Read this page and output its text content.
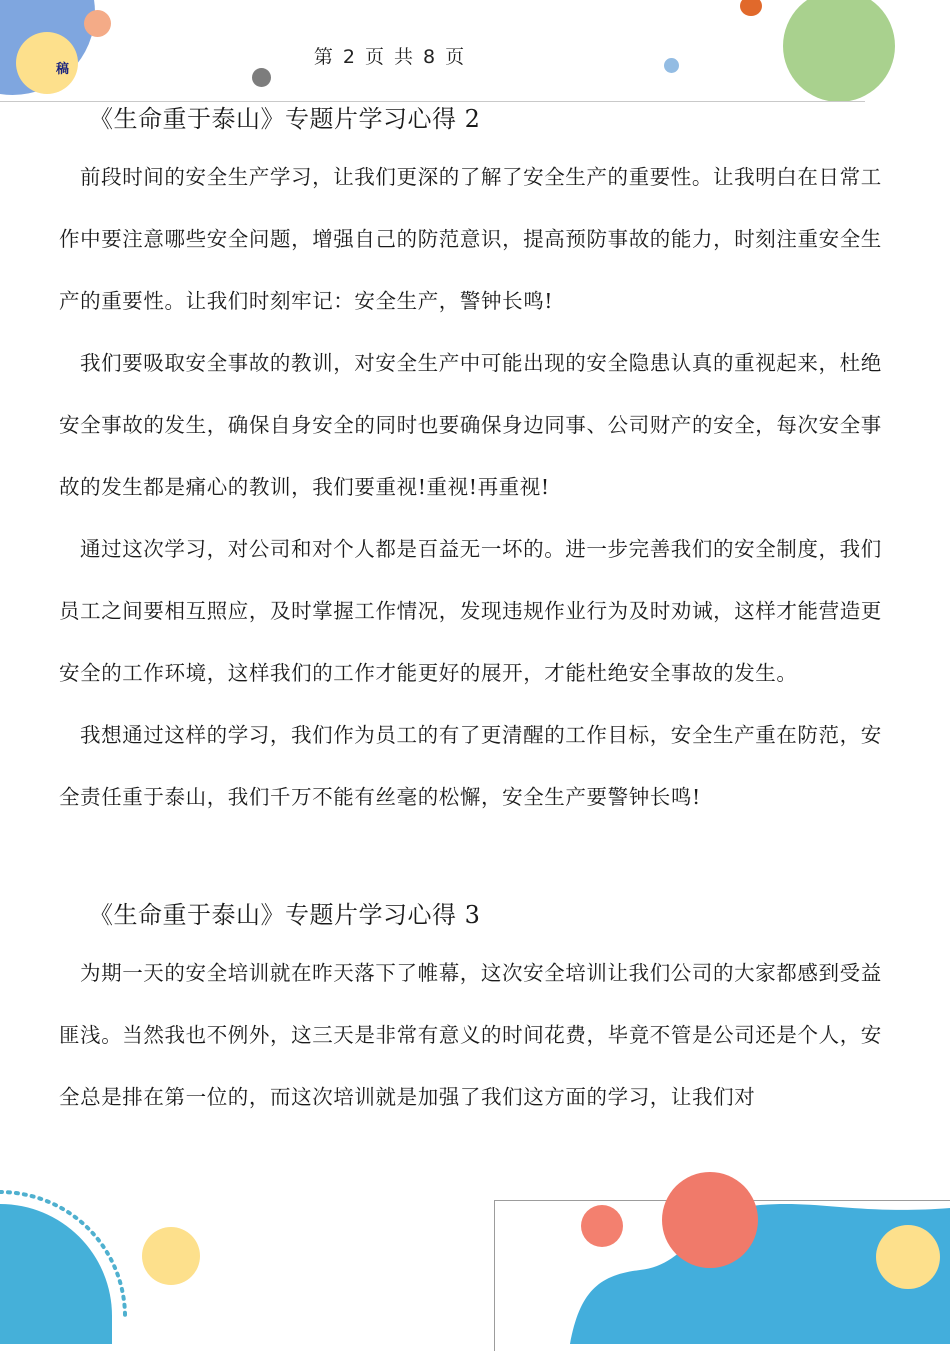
稿
第 2 页 共 8 页
《生命重于泰山》专题片学习心得 2

前段时间的安全生产学习，让我们更深的了解了安全生产的重要性。让我明白在日常工作中要注意哪些安全问题，增强自己的防范意识，提高预防事故的能力，时刻注重安全生产的重要性。让我们时刻牢记：安全生产，警钟长鸣!

我们要吸取安全事故的教训，对安全生产中可能出现的安全隐患认真的重视起来，杜绝安全事故的发生，确保自身安全的同时也要确保身边同事、公司财产的安全，每次安全事故的发生都是痛心的教训，我们要重视!重视!再重视!

通过这次学习，对公司和对个人都是百益无一坏的。进一步完善我们的安全制度，我们员工之间要相互照应，及时掌握工作情况，发现违规作业行为及时劝诫，这样才能营造更安全的工作环境，这样我们的工作才能更好的展开，才能杜绝安全事故的发生。

我想通过这样的学习，我们作为员工的有了更清醒的工作目标，安全生产重在防范，安全责任重于泰山，我们千万不能有丝毫的松懈，安全生产要警钟长鸣!

《生命重于泰山》专题片学习心得 3

为期一天的安全培训就在昨天落下了帷幕，这次安全培训让我们公司的大家都感到受益匪浅。当然我也不例外，这三天是非常有意义的时间花费，毕竟不管是公司还是个人，安全总是排在第一位的，而这次培训就是加强了我们这方面的学习，让我们对
